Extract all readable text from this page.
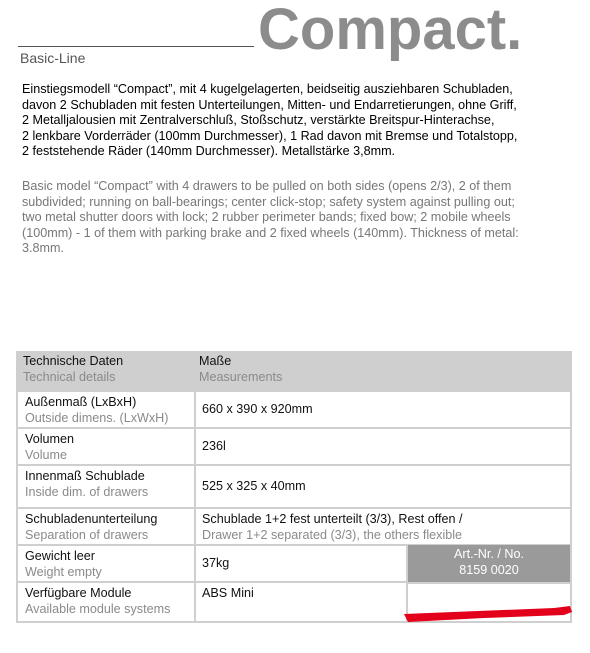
Basic-Line	Compact.
Einstiegsmodell “Compact”, mit 4 kugelgelagerten, beidseitig ausziehbaren Schubladen,
davon 2 Schubladen mit festen Unterteilungen, Mitten- und Endarretierungen, ohne Griff,
2 Metalljalousien mit Zentralverschluß, Stoßschutz, verstärkte Breitspur-Hinterachse,
2 lenkbare Vorderräder (100mm Durchmesser), 1 Rad davon mit Bremse und Totalstopp,
2 feststehende Räder (140mm Durchmesser). Metallstärke 3,8mm.
Basic model “Compact” with 4 drawers to be pulled on both sides (opens 2/3), 2 of them
subdivided; running on ball-bearings; center click-stop; safety system against pulling out;
two metal shutter doors with lock; 2 rubber perimeter bands; fixed bow; 2 mobile wheels
(100mm) - 1 of them with parking brake and 2 fixed wheels (140mm). Thickness of metal:
3.8mm.
Technische Daten
Technical details
Maße
Measurements
Außenmaß (LxBxH)
Outside dimens. (LxWxH)
660 x 390 x 920mm
Volumen
Volume
236l
Innenmaß Schublade
Inside dim. of drawers	525 x 325 x 40mm
Schubladenunterteilung
Separation of drawers
Schublade 1+2 fest unterteilt (3/3), Rest offen /
Drawer 1+2 separated (3/3), the others flexible
Gewicht leer
Weight empty
37kg
Verfügbare Module
Available module systems
ABS Mini
Art.-Nr. / No.
8159 0020
